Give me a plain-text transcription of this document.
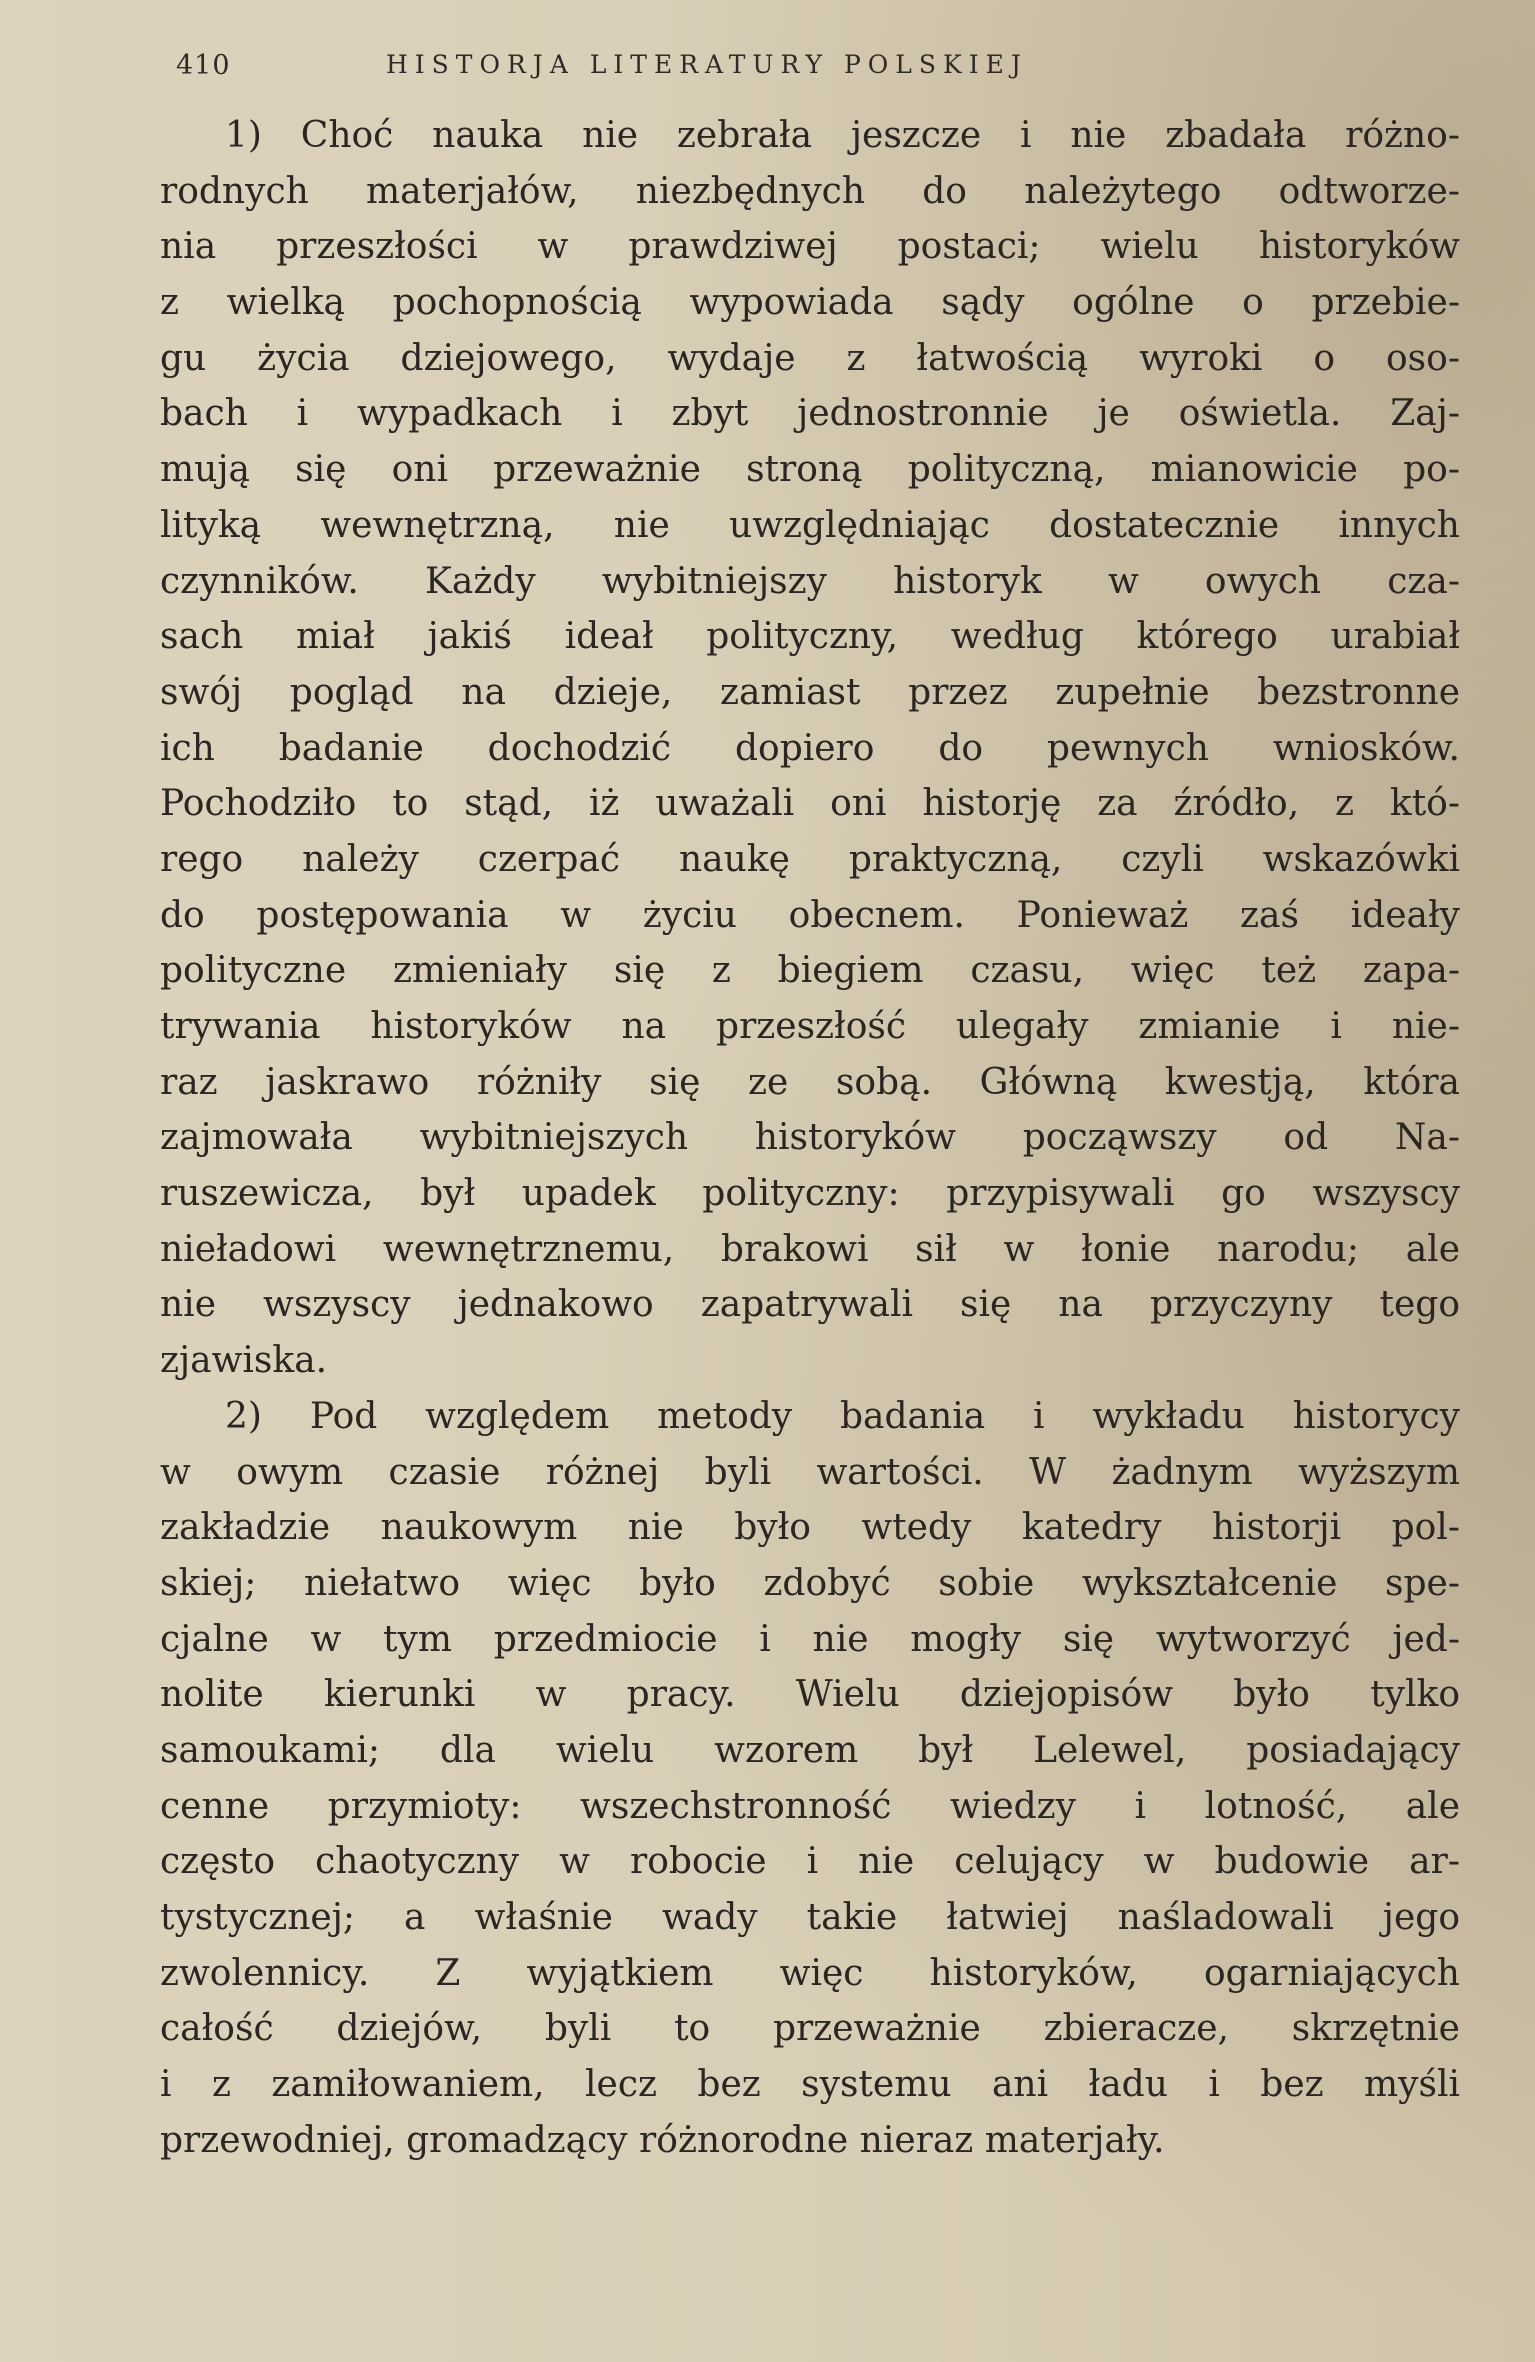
410	HISTORJA LITERATURY POLSKIEJ
1) Choć nauka nie zebrała jeszcze i nie zbadała różno-
rodnych materjałów, niezbędnych do należytego odtworze-
nia przeszłości w prawdziwej postaci; wielu historyków
z wielką pochopnością wypowiada sądy ogólne o przebie-
gu życia dziejowego, wydaje z łatwością wyroki o oso-
bach i wypadkach i zbyt jednostronnie je oświetla. Zaj-
mują się oni przeważnie stroną polityczną, mianowicie po-
lityką wewnętrzną, nie uwzględniając dostatecznie innych
czynników. Każdy wybitniejszy historyk w owych cza-
sach miał jakiś ideał polityczny, według którego urabiał
swój pogląd na dzieje, zamiast przez zupełnie bezstronne
ich badanie dochodzić dopiero do pewnych wniosków.
Pochodziło to stąd, iż uważali oni historję za źródło, z któ-
rego należy czerpać naukę praktyczną, czyli wskazówki
do postępowania w życiu obecnem. Ponieważ zaś ideały
polityczne zmieniały się z biegiem czasu, więc też zapa-
trywania historyków na przeszłość ulegały zmianie i nie-
raz jaskrawo różniły się ze sobą. Główną kwestją, która
zajmowała wybitniejszych historyków począwszy od Na-
ruszewicza, był upadek polityczny: przypisywali go wszyscy
nieładowi wewnętrznemu, brakowi sił w łonie narodu; ale
nie wszyscy jednakowo zapatrywali się na przyczyny tego
zjawiska.
2) Pod względem metody badania i wykładu historycy
w owym czasie różnej byli wartości. W żadnym wyższym
zakładzie naukowym nie było wtedy katedry historji pol-
skiej; niełatwo więc było zdobyć sobie wykształcenie spe-
cjalne w tym przedmiocie i nie mogły się wytworzyć jed-
nolite kierunki w pracy. Wielu dziejopisów było tylko
samoukami; dla wielu wzorem był Lelewel, posiadający
cenne przymioty: wszechstronność wiedzy i lotność, ale
często chaotyczny w robocie i nie celujący w budowie ar-
tystycznej; a właśnie wady takie łatwiej naśladowali jego
zwolennicy. Z wyjątkiem więc historyków, ogarniających
całość dziejów, byli to przeważnie zbieracze, skrzętnie
i z zamiłowaniem, lecz bez systemu ani ładu i bez myśli
przewodniej, gromadzący różnorodne nieraz materjały.
